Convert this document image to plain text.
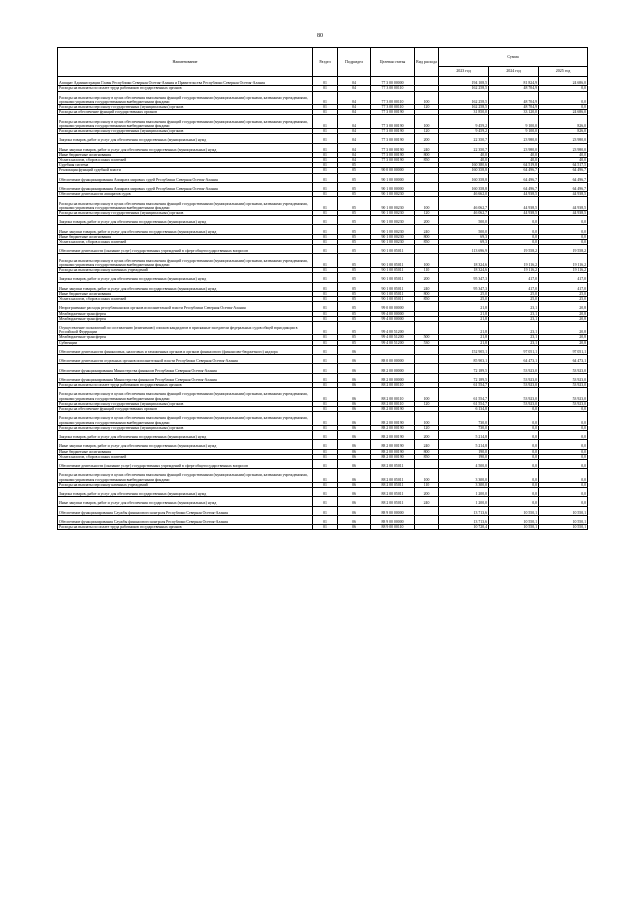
80
Наименование	Раздел	Подраздел	Целевая статья	Вид расхода	Сумма		
					2023 год	2024 год	2025 год
Аппарат Администрации Главы Республики Северная Осетия-Алания и Правительства Республики Северная Осетия-Алания	01	04	77 3 00 00000		194 108,5	81 824,9	24 686,0
Расходы на выплаты по оплате труда работников государственных органов	01	04	77 3 00 00110		162 258,5	48 704,9	0,0
Расходы на выплаты персоналу в целях обеспечения выполнения функций государственными (муниципальными) органами, казенными учреждениями, органами управления государственными внебюджетными фондами	01	04	77 3 00 00110	100	162 258,5	48 704,9	0,0
Расходы на выплаты персоналу государственных (муниципальных) органов	01	04	77 3 00 00110	120	162 258,5	48 704,9	0,0
Расходы на обеспечение функций государственных органов	01	04	77 3 00 00190		31 850,0	33 120,0	24 686,0
Расходы на выплаты персоналу в целях обеспечения выполнения функций государственными (муниципальными) органами, казенными учреждениями, органами управления государственными внебюджетными фондами	01	04	77 3 00 00190	100	9 459,2	9 100,0	826,0
Расходы на выплаты персоналу государственных (муниципальных) органов	01	04	77 3 00 00190	120	9 459,2	9 100,0	826,0
Закупка товаров, работ и услуг для обеспечения государственных (муниципальных) нужд	01	04	77 3 00 00190	200	22 350,7	23 980,0	23 980,0
Иные закупки товаров, работ и услуг для обеспечения государственных (муниципальных) нужд	01	04	77 3 00 00190	240	22 350,7	23 980,0	23 980,0
Иные бюджетные ассигнования	01	04	77 3 00 00190	800	40,0	40,0	40,0
Уплата налогов, сборов и иных платежей	01	04	77 3 00 00190	850	40,0	40,0	40,0
Судебная система	01	05			160 380,6	64 519,8	64 517,5
Реализация функций судебной власти	01	05	90 0 00 00000		160 358,8	64 496,7	64 496,7
Обеспечение функционирования Аппарата мировых судей Республики Северная Осетия-Алания	01	05	90 1 00 00000		160 358,8	64 496,7	64 496,7
Обеспечение функционирования Аппарата мировых судей Республики Северная Осетия-Алания	01	05	90 1 00 00000		160 358,8	64 496,7	64 496,7
Обеспечение деятельности аппаратов судов	01	05	90 1 00 00230		46 662,0	44 938,5	44 938,5
Расходы на выплаты персоналу в целях обеспечения выполнения функций государственными (муниципальными) органами, казенными учреждениями, органами управления государственными внебюджетными фондами	01	05	90 1 00 00230	100	46 062,7	44 938,5	44 938,5
Расходы на выплаты персоналу государственных (муниципальных) органов	01	05	90 1 00 00230	120	46 062,7	44 938,5	44 938,5
Закупка товаров, работ и услуг для обеспечения государственных (муниципальных) нужд	01	05	90 1 00 00230	200	500,0	0,0	0,0
Иные закупки товаров, работ и услуг для обеспечения государственных (муниципальных) нужд	01	05	90 1 00 00230	240	500,0	0,0	0,0
Иные бюджетные ассигнования	01	05	90 1 00 00230	800	69,3	0,0	0,0
Уплата налогов, сборов и иных платежей	01	05	90 1 00 00230	850	69,3	0,0	0,0
Обеспечение деятельности (оказание услуг) государственных учреждений в сфере общегосударственных вопросов	01	05	90 1 00 05011		113 696,9	19 558,2	19 558,2
Расходы на выплаты персоналу в целях обеспечения выполнения функций государственными (муниципальными) органами, казенными учреждениями, органами управления государственными внебюджетными фондами	01	05	90 1 00 05011	100	18 324,6	19 116,2	19 116,2
Расходы на выплаты персоналу казенных учреждений	01	05	90 1 00 05011	110	18 324,6	19 116,2	19 116,2
Закупка товаров, работ и услуг для обеспечения государственных (муниципальных) нужд	01	05	90 1 00 05011	200	95 347,3	417,0	417,0
Иные закупки товаров, работ и услуг для обеспечения государственных (муниципальных) нужд	01	05	90 1 00 05011	240	95 347,3	417,0	417,0
Иные бюджетные ассигнования	01	05	90 1 00 05011	800	25,0	25,0	25,0
Уплата налогов, сборов и иных платежей	01	05	90 1 00 05011	850	25,0	25,0	25,0
Непрограммные расходы республиканских органов исполнительной власти Республики Северная Осетия-Алания	01	05	99 0 00 00000		21,8	23,1	20,8
Межбюджетные трансферты	01	05	99 4 00 00000		21,8	23,1	20,8
Межбюджетные трансферты	01	05	99 4 00 00000		21,8	23,1	20,8
Осуществление полномочий по составлению (изменению) списков кандидатов в присяжные заседатели федеральных судов общей юрисдикции в Российской Федерации	01	05	99 4 00 51200		21,8	23,1	20,8
Межбюджетные трансферты	01	05	99 4 00 51200	500	21,8	23,1	20,8
Субвенции	01	05	99 4 00 51200	530	21,8	23,1	20,8
Обеспечение деятельности финансовых, налоговых и таможенных органов и органов финансового (финансово-бюджетного) надзора	01	06			152 905,1	97 051,1	97 051,1
Обеспечение деятельности отдельных органов исполнительной власти Республики Северная Осетия-Алания	01	06	88 0 00 00000		85 903,1	64 473,1	64 473,1
Обеспечение функционирования Министерства финансов Республики Северная Осетия-Алания	01	06	88 2 00 00000		72 189,5	53 923,0	53 923,0
Обеспечение функционирования Министерства финансов Республики Северная Осетия-Алания	01	06	88 2 00 00000		72 189,5	53 923,0	53 923,0
Расходы на выплаты по оплате труда работников государственных органов	01	06	88 2 00 00110		61 554,7	53 923,0	53 923,0
Расходы на выплаты персоналу в целях обеспечения выполнения функций государственными (муниципальными) органами, казенными учреждениями, органами управления государственными внебюджетными фондами	01	06	88 2 00 00110	100	61 554,7	53 923,0	53 923,0
Расходы на выплаты персоналу государственных (муниципальных) органов	01	06	88 2 00 00110	120	61 554,7	53 923,0	53 923,0
Расходы на обеспечение функций государственных органов	01	06	88 2 00 00190		6 134,8	0,0	0,0
Расходы на выплаты персоналу в целях обеспечения выполнения функций государственными (муниципальными) органами, казенными учреждениями, органами управления государственными внебюджетными фондами	01	06	88 2 00 00190	100	730,0	0,0	0,0
Расходы на выплаты персоналу государственных (муниципальных) органов	01	06	88 2 00 00190	120	730,0	0,0	0,0
Закупка товаров, работ и услуг для обеспечения государственных (муниципальных) нужд	01	06	88 2 00 00190	200	5 214,8	0,0	0,0
Иные закупки товаров, работ и услуг для обеспечения государственных (муниципальных) нужд	01	06	88 2 00 00190	240	5 214,8	0,0	0,0
Иные бюджетные ассигнования	01	06	88 2 00 00190	800	190,0	0,0	0,0
Уплата налогов, сборов и иных платежей	01	06	88 2 00 00190	850	190,0	0,0	0,0
Обеспечение деятельности (оказание услуг) государственных учреждений в сфере общегосударственных вопросов	01	06	88 2 00 05011		4 500,0	0,0	0,0
Расходы на выплаты персоналу в целях обеспечения выполнения функций государственными (муниципальными) органами, казенными учреждениями, органами управления государственными внебюджетными фондами	01	06	88 2 00 05011	100	3 300,0	0,0	0,0
Расходы на выплаты персоналу казенных учреждений	01	06	88 2 00 05011	110	3 300,0	0,0	0,0
Закупка товаров, работ и услуг для обеспечения государственных (муниципальных) нужд	01	06	88 2 00 05011	200	1 200,0	0,0	0,0
Иные закупки товаров, работ и услуг для обеспечения государственных (муниципальных) нужд	01	06	88 2 00 05011	240	1 200,0	0,0	0,0
Обеспечение функционирования Службы финансового контроля Республики Северная Осетия-Алания	01	06	88 9 00 00000		13 713,6	10 550,1	10 550,1
Обеспечение функционирования Службы финансового контроля Республики Северная Осетия-Алания	01	06	88 9 00 00000		13 713,6	10 550,1	10 550,1
Расходы на выплаты по оплате труда работников государственных органов	01	06	88 9 00 00110		10 720,4	10 550,1	10 550,1
